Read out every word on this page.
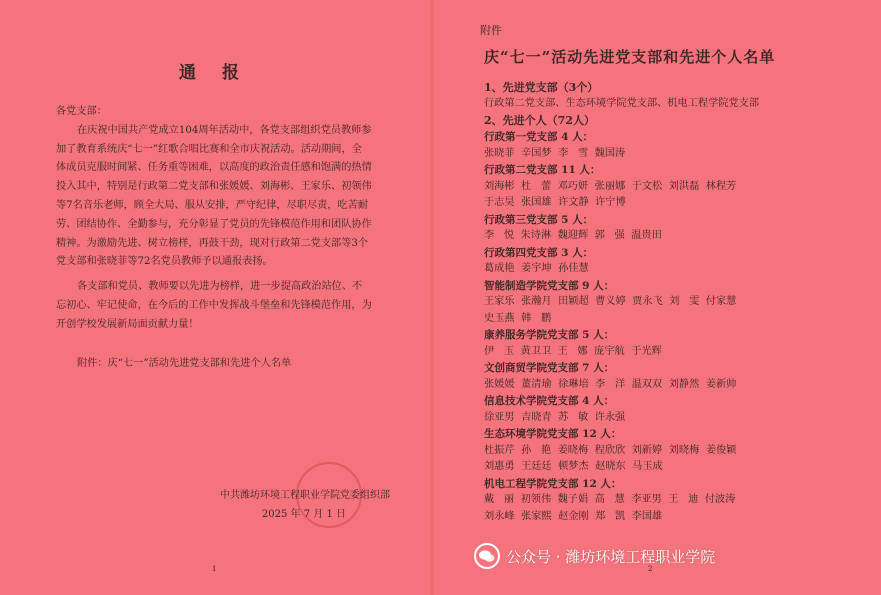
通 报

各党支部：

在庆祝中国共产党成立104周年活动中，各党支部组织党员教师参加了教育系统庆“七一”红歌合唱比赛和全市庆祝活动。活动期间，全体成员克服时间紧、任务重等困难，以高度的政治责任感和饱满的热情投入其中，特别是行政第二党支部和张媛媛、刘海彬、王家乐、初领伟等7名音乐老师，顾全大局、服从安排，严守纪律，尽职尽责，吃苦耐劳、团结协作、全勤参与，充分彰显了党员的先锋模范作用和团队协作精神。为激励先进、树立榜样，再鼓干劲，现对行政第二党支部等3个党支部和张晓菲等72名党员教师予以通报表扬。

各支部和党员、教师要以先进为榜样，进一步提高政治站位、不忘初心、牢记使命，在今后的工作中发挥战斗堡垒和先锋模范作用，为开创学校发展新局面贡献力量！

附件：庆“七一”活动先进党支部和先进个人名单

中共潍坊环境工程职业学院党委组织部
2025 年 7 月 1 日
1
附件
庆“七一”活动先进党支部和先进个人名单

1、先进党支部（3个）

行政第二党支部、生态环境学院党支部、机电工程学院党支部

2、先进个人（72人）

行政第一党支部 4 人：

张晓菲  辛国梦  李   雪  魏国涛

行政第二党支部 11 人：

刘海彬  杜   蕾  邓巧妍  张丽娜  于文松  刘洪磊  林程芳

于志昊  张国雄  许文静  许宁博

行政第三党支部 5 人：

李   悦  朱诗淋  魏迎辉  郭   强  温贵田

行政第四党支部 3 人：

葛成艳  姜宇坤  孙佳慧

智能制造学院党支部 9 人：

王家乐  张瀚月  田颖超  曹义婷  贾永飞  刘   雯  付家慧

史玉燕  韩   鹏

康养服务学院党支部 5 人：

伊   玉  黄卫卫  王   娜  庞宇航  于光辉

文创商贸学院党支部 7 人：

张媛媛  董清瑜  徐琳培  李   洋  温双双  刘静然  姜新帅

信息技术学院党支部 4 人：

徐亚男  吉晓青  苏   敏  许永强

生态环境学院党支部 12 人：

杜振芹  孙   艳  姜晓梅  程欣欣  刘新婷  刘晓梅  姜俊颖

刘惠勇  王廷廷  顿梦杰  赵晓东  马玉成

机电工程学院党支部 12 人：

戴   丽  初领伟  魏子娟  高   慧  李亚男  王   迪  付波涛

刘永峰  张家熙  赵金刚  郑   凯  李国雄

2
公众号 · 潍坊环境工程职业学院
